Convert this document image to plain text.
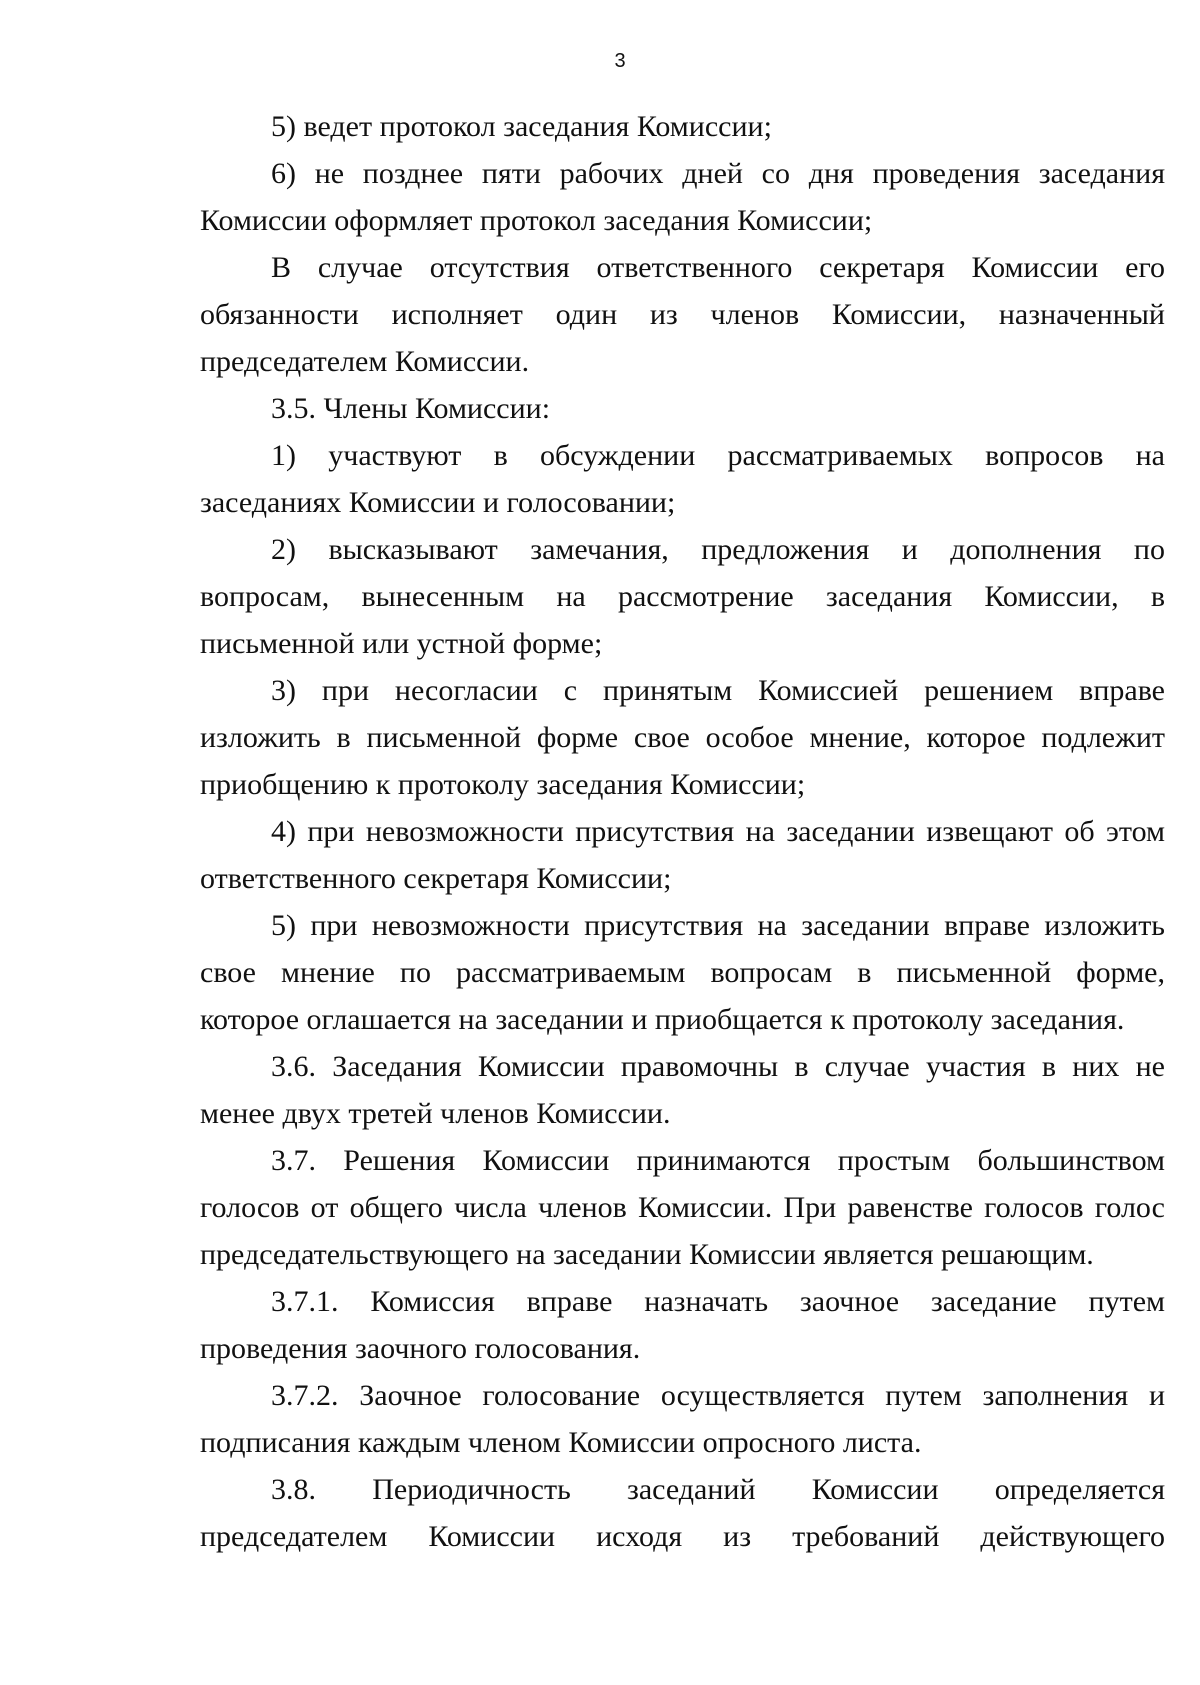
3
5) ведет протокол заседания Комиссии;
6) не позднее пяти рабочих дней со дня проведения заседания
Комиссии оформляет протокол заседания Комиссии;
В случае отсутствия ответственного секретаря Комиссии его
обязанности исполняет один из членов Комиссии, назначенный
председателем Комиссии.
3.5. Члены Комиссии:
1) участвуют в обсуждении рассматриваемых вопросов на
заседаниях Комиссии и голосовании;
2) высказывают замечания, предложения и дополнения по
вопросам, вынесенным на рассмотрение заседания Комиссии, в
письменной или устной форме;
3) при несогласии с принятым Комиссией решением вправе
изложить в письменной форме свое особое мнение, которое подлежит
приобщению к протоколу заседания Комиссии;
4) при невозможности присутствия на заседании извещают об этом
ответственного секретаря Комиссии;
5) при невозможности присутствия на заседании вправе изложить
свое мнение по рассматриваемым вопросам в письменной форме,
которое оглашается на заседании и приобщается к протоколу заседания.
3.6. Заседания Комиссии правомочны в случае участия в них не
менее двух третей членов Комиссии.
3.7. Решения Комиссии принимаются простым большинством
голосов от общего числа членов Комиссии. При равенстве голосов голос
председательствующего на заседании Комиссии является решающим.
3.7.1. Комиссия вправе назначать заочное заседание путем
проведения заочного голосования.
3.7.2. Заочное голосование осуществляется путем заполнения и
подписания каждым членом Комиссии опросного листа.
3.8. Периодичность заседаний Комиссии определяется
председателем Комиссии исходя из требований действующего
